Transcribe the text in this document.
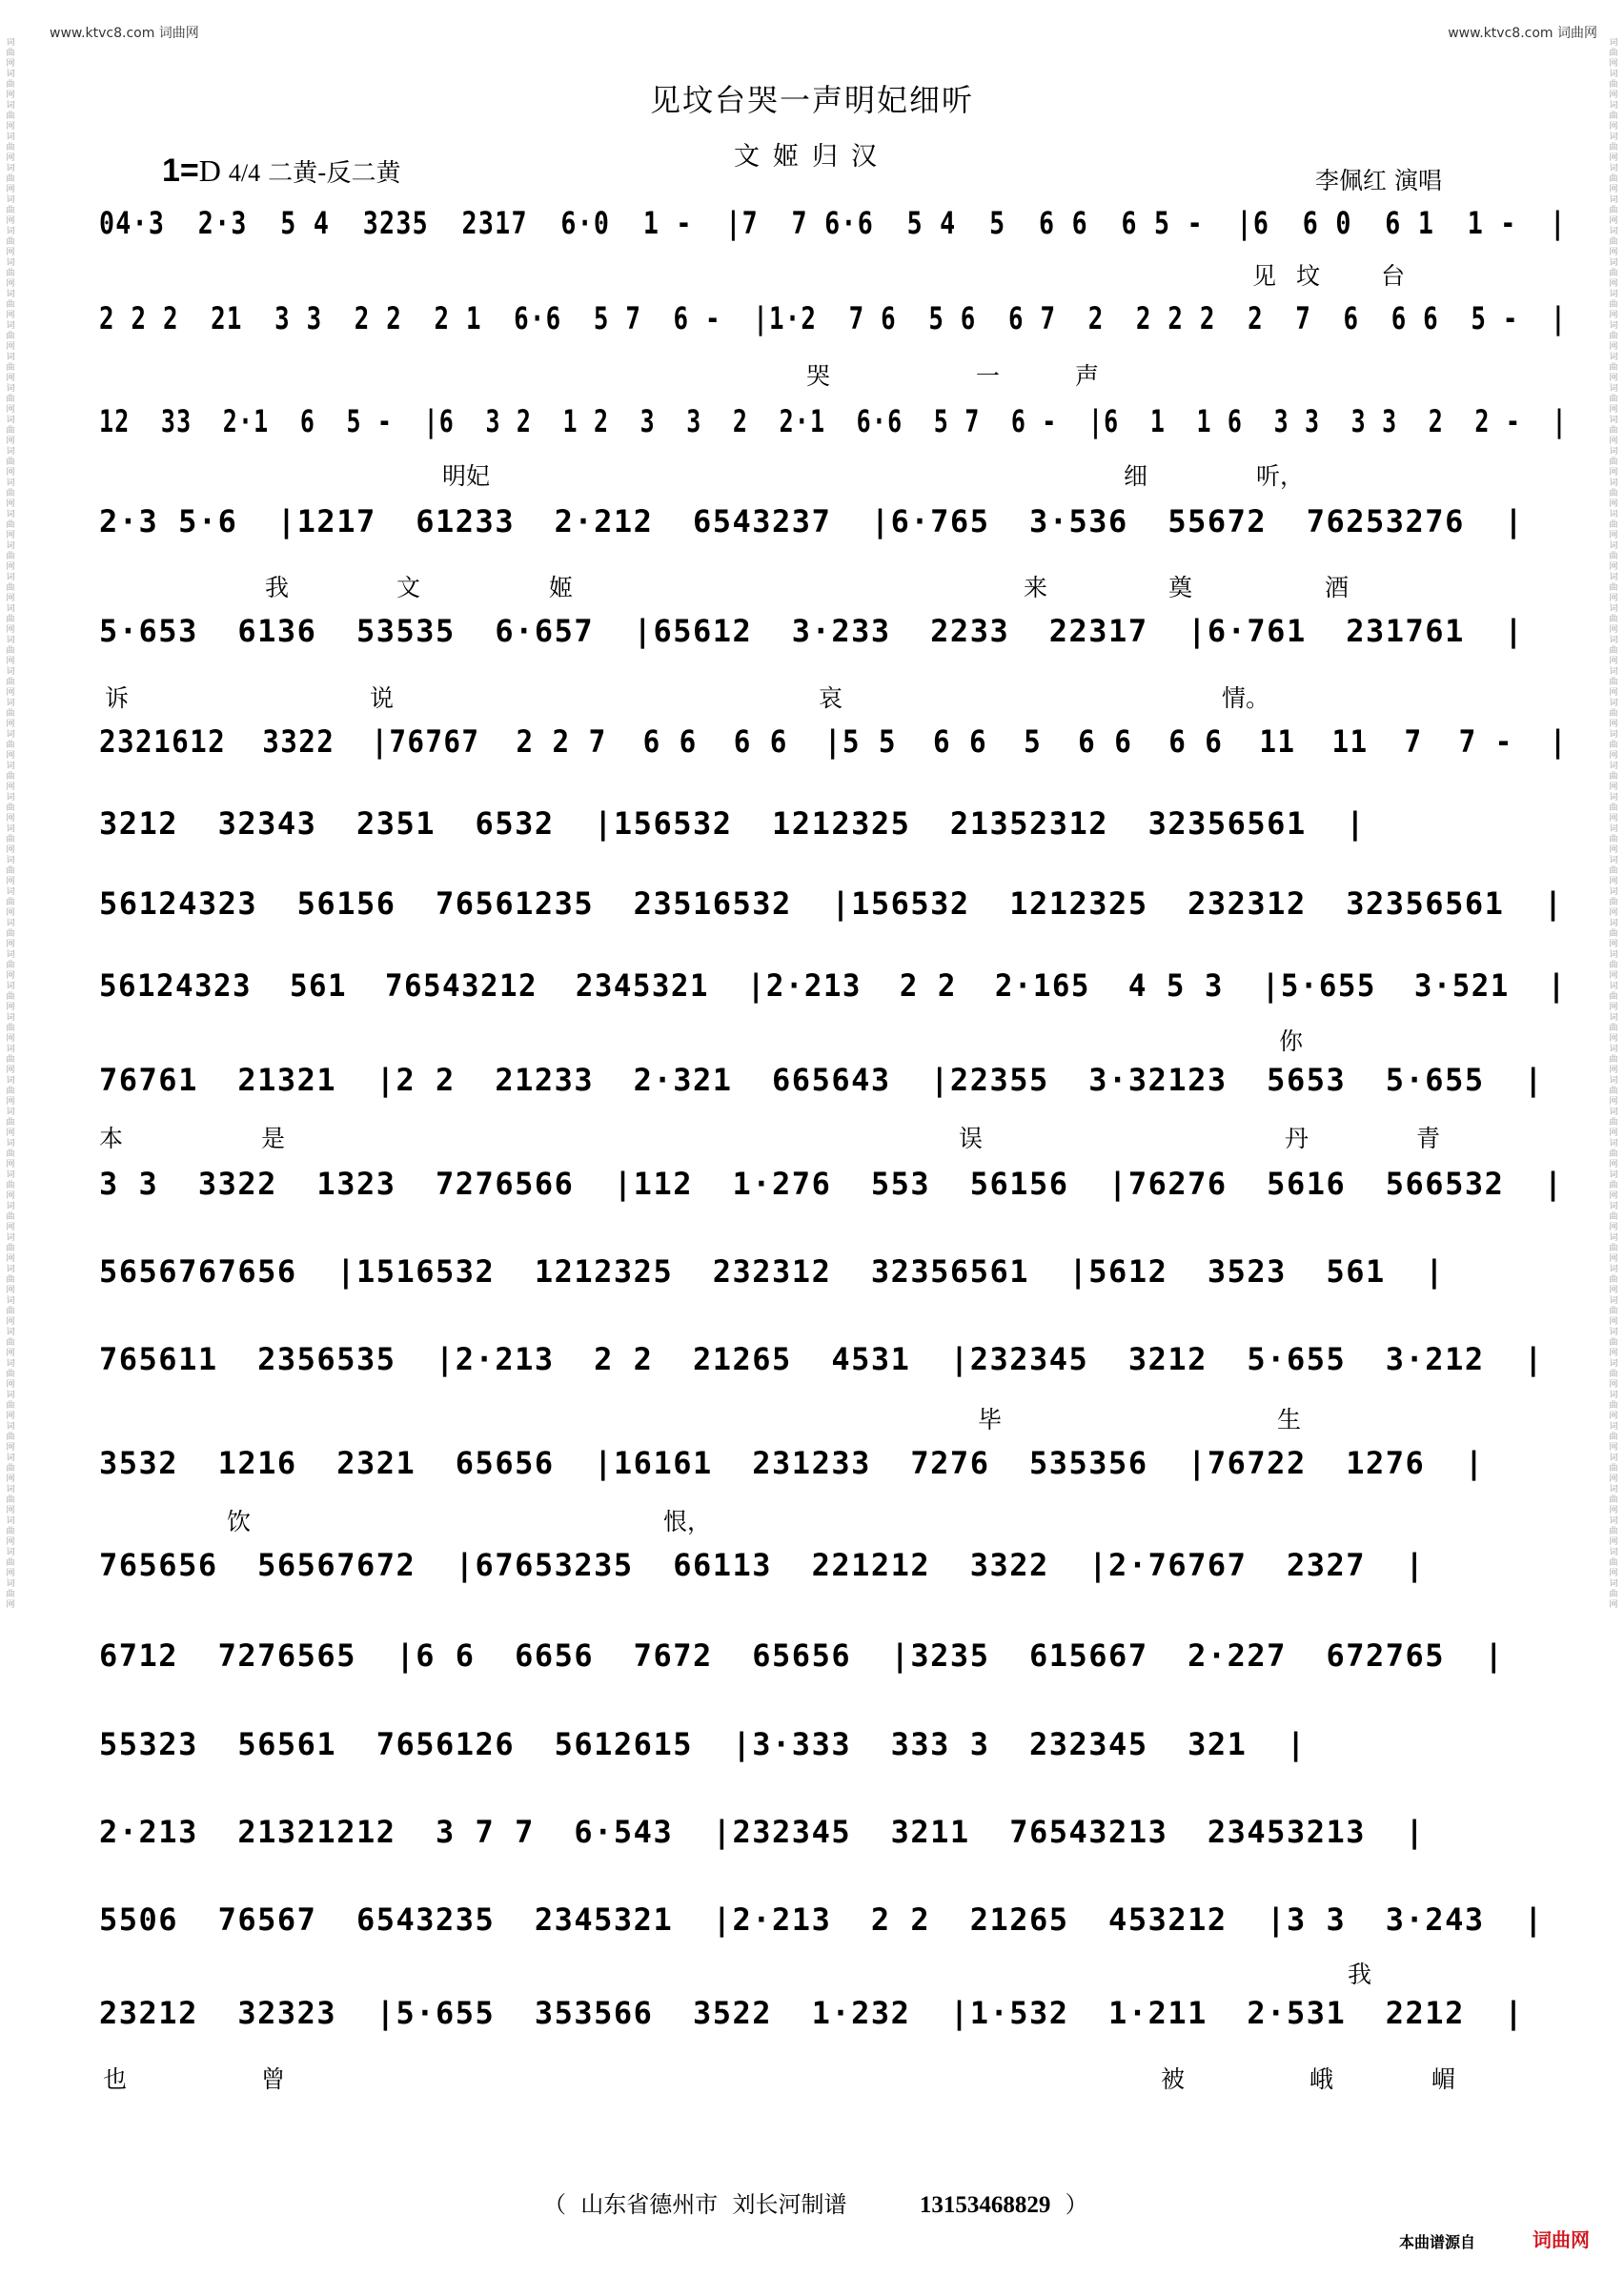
词曲网词曲网词曲网词曲网词曲网词曲网词曲网词曲网词曲网词曲网词曲网词曲网词曲网词曲网词曲网词曲网词曲网词曲网词曲网词曲网词曲网词曲网词曲网词曲网词曲网词曲网词曲网词曲网词曲网词曲网词曲网词曲网词曲网词曲网词曲网词曲网词曲网词曲网词曲网词曲网词曲网词曲网词曲网词曲网词曲网词曲网词曲网词曲网词曲网词曲网
词曲网词曲网词曲网词曲网词曲网词曲网词曲网词曲网词曲网词曲网词曲网词曲网词曲网词曲网词曲网词曲网词曲网词曲网词曲网词曲网词曲网词曲网词曲网词曲网词曲网词曲网词曲网词曲网词曲网词曲网词曲网词曲网词曲网词曲网词曲网词曲网词曲网词曲网词曲网词曲网词曲网词曲网词曲网词曲网词曲网词曲网词曲网词曲网词曲网词曲网
www.ktvc8.com 词曲网	www.ktvc8.com 词曲网
见坟台哭一声明妃细听
文姬归汉
1=D 4/4 二黄-反二黄	李佩红 演唱
04·3  2·3  5 4  3235  2317  6·0  1 -  |7  7 6·6  5 4  5  6 6  6 5 -  |6  6 0  6 1  1 -  |
2 2 2  21  3 3  2 2  2 1  6·6  5 7  6 -  |1·2  7 6  5 6  6 7  2  2 2 2  2  7  6  6 6  5 -  |
见 坟	台
12  33  2·1  6  5 -  |6  3 2  1 2  3  3  2  2·1  6·6  5 7  6 -  |6  1  1 6  3 3  3 3  2  2 -  |
哭	一	声
2·3 5·6  |1217  61233  2·212  6543237  |6·765  3·536  55672  76253276  |
明妃	细	听，
5·653  6136  53535  6·657  |65612  3·233  2233  22317  |6·761  231761  |
我	文	姬	来	奠	酒
2321612  3322  |76767  2 2 7  6 6  6 6  |5 5  6 6  5  6 6  6 6  11  11  7  7 -  |
诉	说	哀	情。
3212  32343  2351  6532  |156532  1212325  21352312  32356561  |
56124323  56156  76561235  23516532  |156532  1212325  232312  32356561  |
56124323  561  76543212  2345321  |2·213  2 2  2·165  4 5 3  |5·655  3·521  |
76761  21321  |2 2  21233  2·321  665643  |22355  3·32123  5653  5·655  |
你
3 3  3322  1323  7276566  |112  1·276  553  56156  |76276  5616  566532  |
本	是	误	丹	青
5656767656  |1516532  1212325  232312  32356561  |5612  3523  561  |
765611  2356535  |2·213  2 2  21265  4531  |232345  3212  5·655  3·212  |
3532  1216  2321  65656  |16161  231233  7276  535356  |76722  1276  |
毕	生
765656  56567672  |67653235  66113  221212  3322  |2·76767  2327  |
饮	恨，
6712  7276565  |6 6  6656  7672  65656  |3235  615667  2·227  672765  |
55323  56561  7656126  5612615  |3·333  333 3  232345  321  |
2·213  21321212  3 7 7  6·543  |232345  3211  76543213  23453213  |
5506  76567  6543235  2345321  |2·213  2 2  21265  453212  |3 3  3·243  |
23212  32323  |5·655  353566  3522  1·232  |1·532  1·211  2·531  2212  |
我
也	曾	被	峨	嵋
（  山东省德州市  刘长河制谱	13153468829  ）
本曲谱源自	词曲网
